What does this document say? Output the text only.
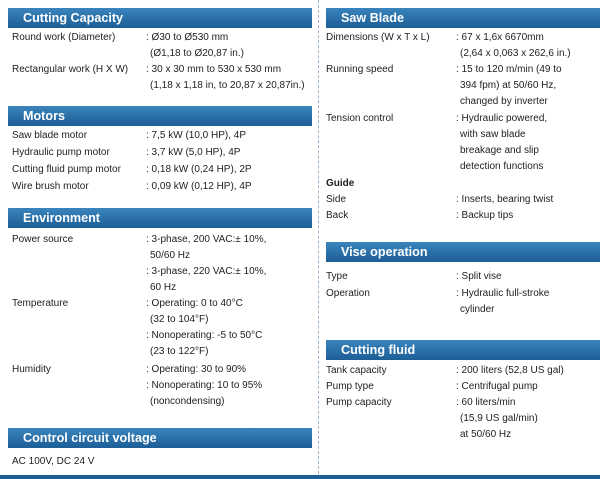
Cutting Capacity
Round work (Diameter)	: Ø30 to Ø530 mm
(Ø1,18 to Ø20,87 in.)
Rectangular work (H X W) : 30 x 30 mm to 530 x 530 mm
(1,18 x 1,18 in, to 20,87 x 20,87in.)
Motors
Saw blade motor	: 7,5 kW (10,0 HP), 4P
Hydraulic pump motor	: 3,7 kW (5,0 HP), 4P
Cutting fluid pump motor	: 0,18 kW (0,24 HP), 2P
Wire brush motor	: 0,09 kW (0,12 HP), 4P
Environment
Power source	: 3-phase, 200 VAC:± 10%,
50/60 Hz
: 3-phase, 220 VAC:± 10%,
60 Hz
Temperature	: Operating: 0 to 40°C
(32 to 104°F)
: Nonoperating: -5 to 50°C
(23 to 122°F)
Humidity	: Operating: 30 to 90%
: Nonoperating: 10 to 95%
(noncondensing)
Control circuit voltage
AC 100V, DC 24 V
Saw Blade
Dimensions (W x T x L)	: 67 x 1,6x 6670mm
(2,64 x 0,063 x 262,6 in.)
Running speed	: 15 to 120 m/min (49 to
394 fpm) at 50/60 Hz,
changed by inverter
Tension control	: Hydraulic powered,
with saw blade
breakage and slip
detection functions
Guide
Side	: Inserts, bearing twist
Back	: Backup tips
Vise operation
Type	: Split vise
Operation	: Hydraulic full-stroke
cylinder
Cutting fluid
Tank capacity	: 200 liters (52,8 US gal)
Pump type	: Centrifugal pump
Pump capacity	: 60 liters/min
(15,9 US gal/min)
at 50/60 Hz
